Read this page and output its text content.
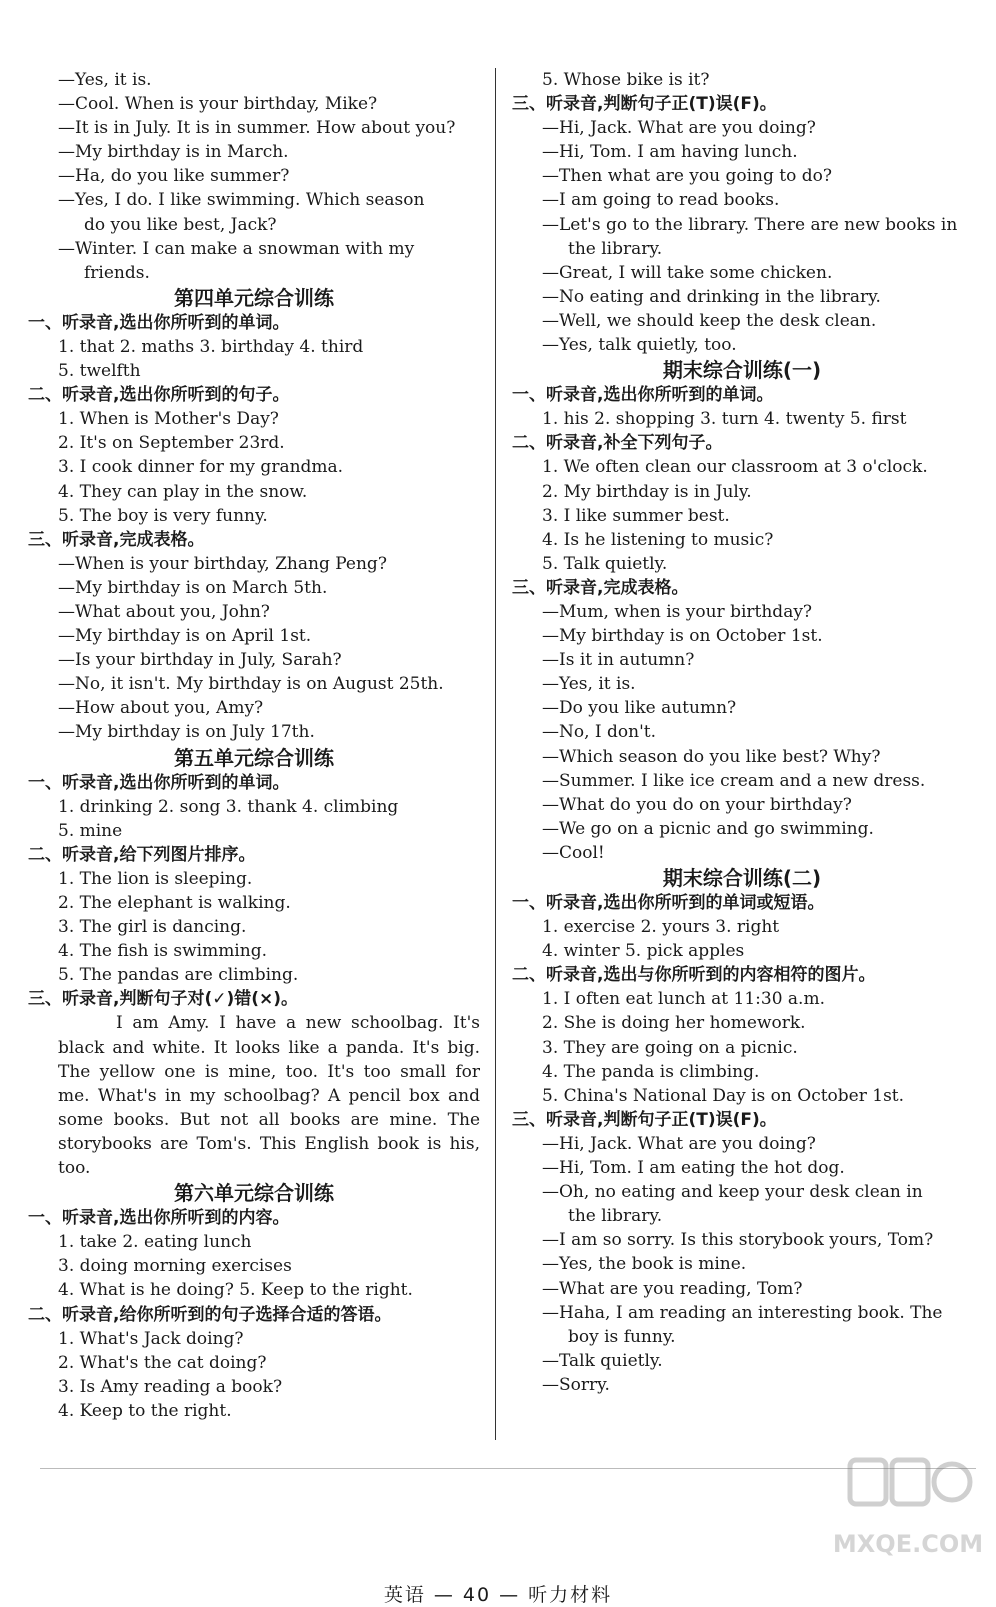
—Yes, it is.
—Cool. When is your birthday, Mike?
—It is in July. It is in summer. How about you?
—My birthday is in March.
—Ha, do you like summer?
—Yes, I do. I like swimming. Which season
do you like best, Jack?
—Winter. I can make a snowman with my
friends.
第四单元综合训练
一、听录音,选出你所听到的单词。
1. that 2. maths 3. birthday 4. third
5. twelfth
二、听录音,选出你所听到的句子。
1. When is Mother's Day?
2. It's on September 23rd.
3. I cook dinner for my grandma.
4. They can play in the snow.
5. The boy is very funny.
三、听录音,完成表格。
—When is your birthday, Zhang Peng?
—My birthday is on March 5th.
—What about you, John?
—My birthday is on April 1st.
—Is your birthday in July, Sarah?
—No, it isn't. My birthday is on August 25th.
—How about you, Amy?
—My birthday is on July 17th.
第五单元综合训练
一、听录音,选出你所听到的单词。
1. drinking 2. song 3. thank 4. climbing
5. mine
二、听录音,给下列图片排序。
1. The lion is sleeping.
2. The elephant is walking.
3. The girl is dancing.
4. The fish is swimming.
5. The pandas are climbing.
三、听录音,判断句子对(✓)错(×)。
I am Amy. I have a new schoolbag. It's black and white. It looks like a panda. It's big. The yellow one is mine, too. It's too small for me. What's in my schoolbag? A pencil box and some books. But not all books are mine. The storybooks are Tom's. This English book is his, too.
第六单元综合训练
一、听录音,选出你所听到的内容。
1. take 2. eating lunch
3. doing morning exercises
4. What is he doing? 5. Keep to the right.
二、听录音,给你所听到的句子选择合适的答语。
1. What's Jack doing?
2. What's the cat doing?
3. Is Amy reading a book?
4. Keep to the right.
5. Whose bike is it?
三、听录音,判断句子正(T)误(F)。
—Hi, Jack. What are you doing?
—Hi, Tom. I am having lunch.
—Then what are you going to do?
—I am going to read books.
—Let's go to the library. There are new books in
the library.
—Great, I will take some chicken.
—No eating and drinking in the library.
—Well, we should keep the desk clean.
—Yes, talk quietly, too.
期末综合训练(一)
一、听录音,选出你所听到的单词。
1. his 2. shopping 3. turn 4. twenty 5. first
二、听录音,补全下列句子。
1. We often clean our classroom at 3 o'clock.
2. My birthday is in July.
3. I like summer best.
4. Is he listening to music?
5. Talk quietly.
三、听录音,完成表格。
—Mum, when is your birthday?
—My birthday is on October 1st.
—Is it in autumn?
—Yes, it is.
—Do you like autumn?
—No, I don't.
—Which season do you like best? Why?
—Summer. I like ice cream and a new dress.
—What do you do on your birthday?
—We go on a picnic and go swimming.
—Cool!
期末综合训练(二)
一、听录音,选出你所听到的单词或短语。
1. exercise 2. yours 3. right
4. winter 5. pick apples
二、听录音,选出与你所听到的内容相符的图片。
1. I often eat lunch at 11:30 a.m.
2. She is doing her homework.
3. They are going on a picnic.
4. The panda is climbing.
5. China's National Day is on October 1st.
三、听录音,判断句子正(T)误(F)。
—Hi, Jack. What are you doing?
—Hi, Tom. I am eating the hot dog.
—Oh, no eating and keep your desk clean in
the library.
—I am so sorry. Is this storybook yours, Tom?
—Yes, the book is mine.
—What are you reading, Tom?
—Haha, I am reading an interesting book. The
boy is funny.
—Talk quietly.
—Sorry.
英语 — 40 — 听力材料
MXQE.COM
